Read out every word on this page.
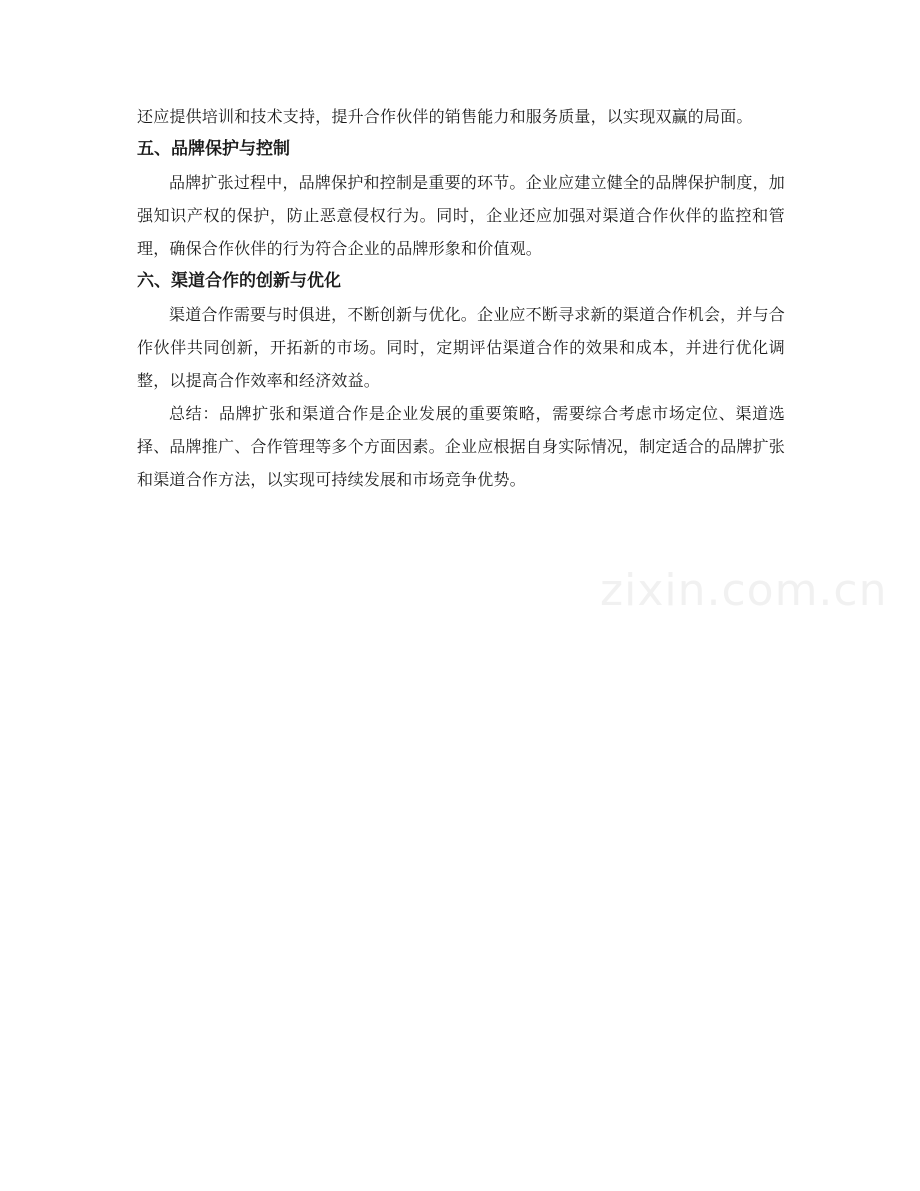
还应提供培训和技术支持，提升合作伙伴的销售能力和服务质量，以实现双赢的局面。

五、品牌保护与控制

品牌扩张过程中，品牌保护和控制是重要的环节。企业应建立健全的品牌保护制度，加强知识产权的保护，防止恶意侵权行为。同时，企业还应加强对渠道合作伙伴的监控和管理，确保合作伙伴的行为符合企业的品牌形象和价值观。

六、渠道合作的创新与优化

渠道合作需要与时俱进，不断创新与优化。企业应不断寻求新的渠道合作机会，并与合作伙伴共同创新，开拓新的市场。同时，定期评估渠道合作的效果和成本，并进行优化调整，以提高合作效率和经济效益。

总结：品牌扩张和渠道合作是企业发展的重要策略，需要综合考虑市场定位、渠道选择、品牌推广、合作管理等多个方面因素。企业应根据自身实际情况，制定适合的品牌扩张和渠道合作方法，以实现可持续发展和市场竞争优势。

zixin.com.cn
